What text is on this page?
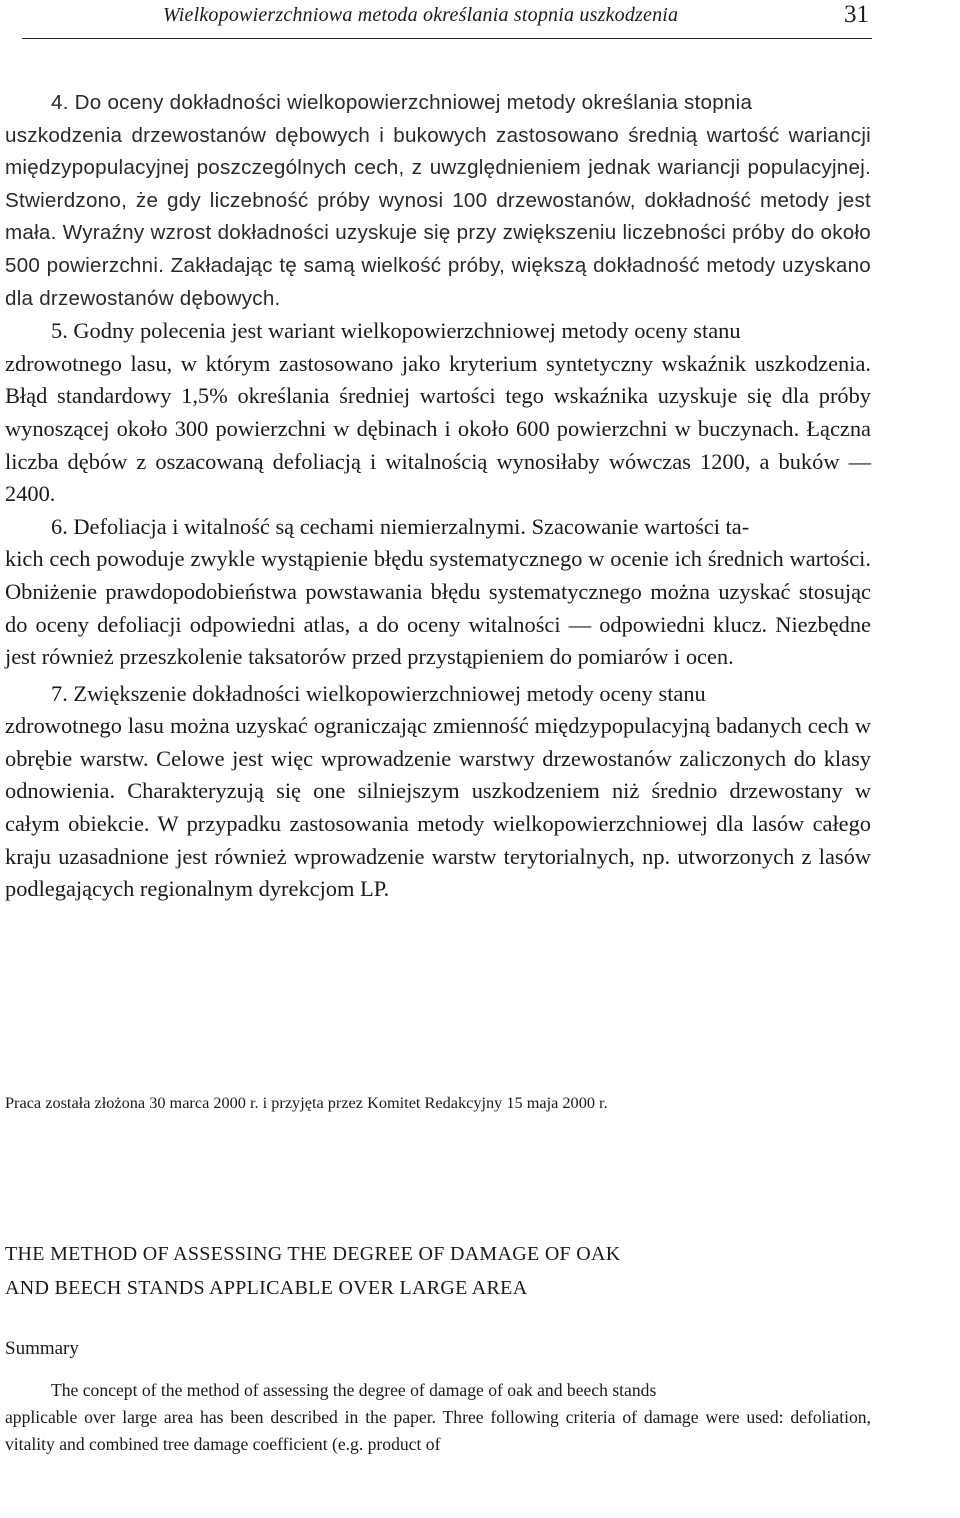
Wielkopowierzchniowa metoda określania stopnia uszkodzenia	31

4. Do oceny dokładności wielkopowierzchniowej metody określania stopnia
uszkodzenia drzewostanów dębowych i bukowych zastosowano średnią wartość wariancji międzypopulacyjnej poszczególnych cech, z uwzględnieniem jednak wariancji populacyjnej. Stwierdzono, że gdy liczebność próby wynosi 100 drzewostanów, dokładność metody jest mała. Wyraźny wzrost dokładności uzyskuje się przy zwiększeniu liczebności próby do około 500 powierzchni. Zakładając tę samą wielkość próby, większą dokładność metody uzyskano dla drzewostanów dębowych.

5. Godny polecenia jest wariant wielkopowierzchniowej metody oceny stanu
zdrowotnego lasu, w którym zastosowano jako kryterium syntetyczny wskaźnik uszkodzenia. Błąd standardowy 1,5% określania średniej wartości tego wskaźnika uzyskuje się dla próby wynoszącej około 300 powierzchni w dębinach i około 600 powierzchni w buczynach. Łączna liczba dębów z oszacowaną defoliacją i witalnością wynosiłaby wówczas 1200, a buków — 2400.

6. Defoliacja i witalność są cechami niemierzalnymi. Szacowanie wartości ta-
kich cech powoduje zwykle wystąpienie błędu systematycznego w ocenie ich średnich wartości. Obniżenie prawdopodobieństwa powstawania błędu systematycznego można uzyskać stosując do oceny defoliacji odpowiedni atlas, a do oceny witalności — odpowiedni klucz. Niezbędne jest również przeszkolenie taksatorów przed przystąpieniem do pomiarów i ocen.

7. Zwiększenie dokładności wielkopowierzchniowej metody oceny stanu
zdrowotnego lasu można uzyskać ograniczając zmienność międzypopulacyjną badanych cech w obrębie warstw. Celowe jest więc wprowadzenie warstwy drzewostanów zaliczonych do klasy odnowienia. Charakteryzują się one silniejszym uszkodzeniem niż średnio drzewostany w całym obiekcie. W przypadku zastosowania metody wielkopowierzchniowej dla lasów całego kraju uzasadnione jest również wprowadzenie warstw terytorialnych, np. utworzonych z lasów podlegających regionalnym dyrekcjom LP.

Praca została złożona 30 marca 2000 r. i przyjęta przez Komitet Redakcyjny 15 maja 2000 r.
THE METHOD OF ASSESSING THE DEGREE OF DAMAGE OF OAK
AND BEECH STANDS APPLICABLE OVER LARGE AREA
Summary
The concept of the method of assessing the degree of damage of oak and beech stands
applicable over large area has been described in the paper. Three following criteria of damage were used: defoliation, vitality and combined tree damage coefficient (e.g. product of
